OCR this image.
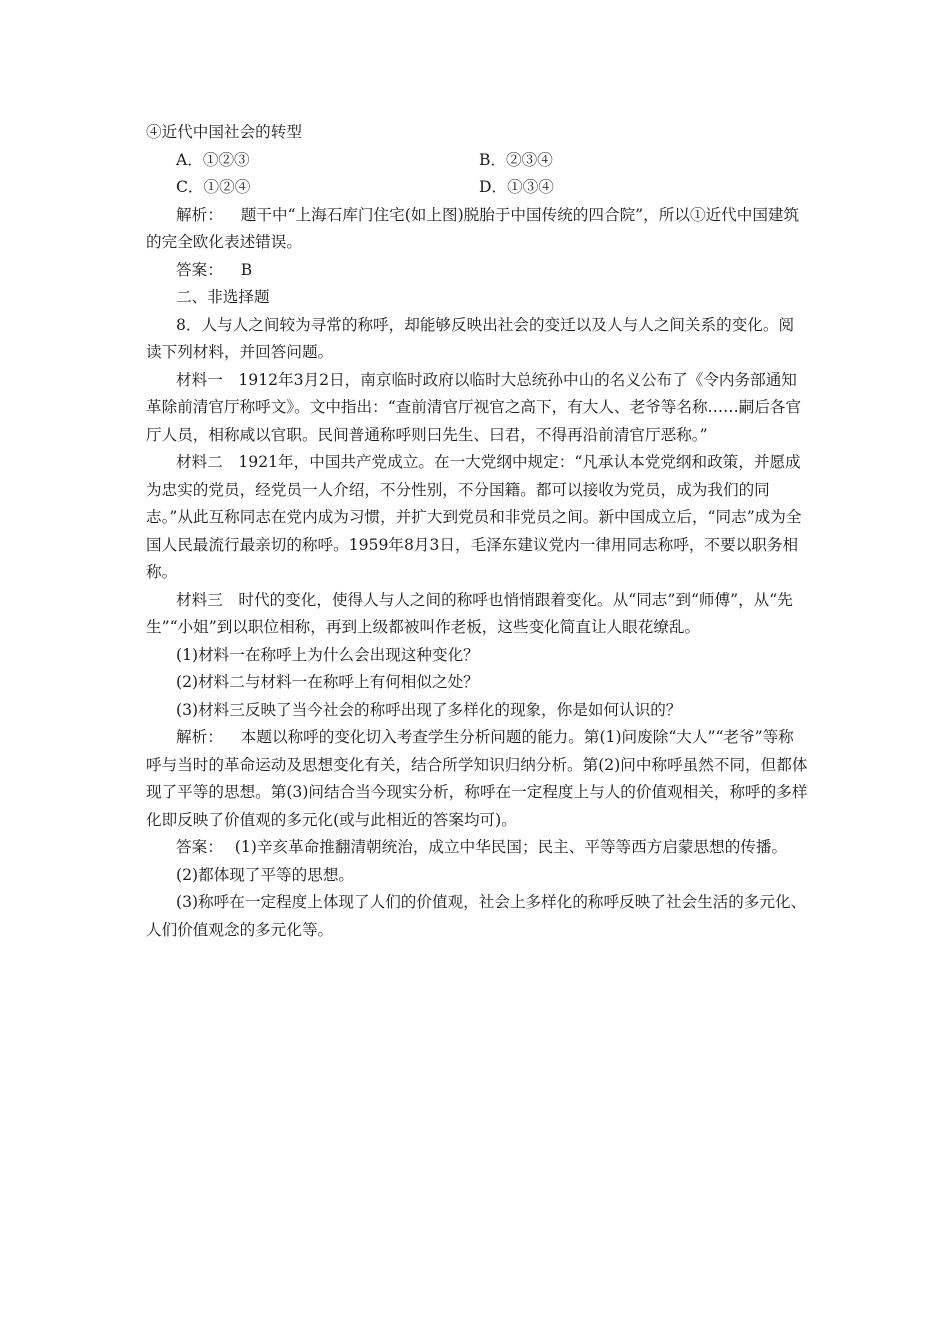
④近代中国社会的转型

A．①②③	B．②③④
C．①②④	D．①③④

解析： 题干中“上海石库门住宅(如上图)脱胎于中国传统的四合院”，所以①近代中国建筑的完全欧化表述错误。

答案： B

二、非选择题

8．人与人之间较为寻常的称呼，却能够反映出社会的变迁以及人与人之间关系的变化。阅读下列材料，并回答问题。

材料一　1912年3月2日，南京临时政府以临时大总统孙中山的名义公布了《令内务部通知革除前清官厅称呼文》。文中指出：“查前清官厅视官之高下，有大人、老爷等名称……嗣后各官厅人员，相称咸以官职。民间普通称呼则曰先生、曰君，不得再沿前清官厅恶称。”

材料二　1921年，中国共产党成立。在一大党纲中规定：“凡承认本党党纲和政策，并愿成为忠实的党员，经党员一人介绍，不分性别，不分国籍。都可以接收为党员，成为我们的同志。”从此互称同志在党内成为习惯，并扩大到党员和非党员之间。新中国成立后，“同志”成为全国人民最流行最亲切的称呼。1959年8月3日，毛泽东建议党内一律用同志称呼，不要以职务相称。

材料三　时代的变化，使得人与人之间的称呼也悄悄跟着变化。从“同志”到“师傅”，从“先生”“小姐”到以职位相称，再到上级都被叫作老板，这些变化简直让人眼花缭乱。

(1)材料一在称呼上为什么会出现这种变化？

(2)材料二与材料一在称呼上有何相似之处？

(3)材料三反映了当今社会的称呼出现了多样化的现象，你是如何认识的？

解析： 本题以称呼的变化切入考查学生分析问题的能力。第(1)问废除“大人”“老爷”等称呼与当时的革命运动及思想变化有关，结合所学知识归纳分析。第(2)问中称呼虽然不同，但都体现了平等的思想。第(3)问结合当今现实分析，称呼在一定程度上与人的价值观相关，称呼的多样化即反映了价值观的多元化(或与此相近的答案均可)。

答案： (1)辛亥革命推翻清朝统治，成立中华民国；民主、平等等西方启蒙思想的传播。

(2)都体现了平等的思想。

(3)称呼在一定程度上体现了人们的价值观，社会上多样化的称呼反映了社会生活的多元化、人们价值观念的多元化等。
